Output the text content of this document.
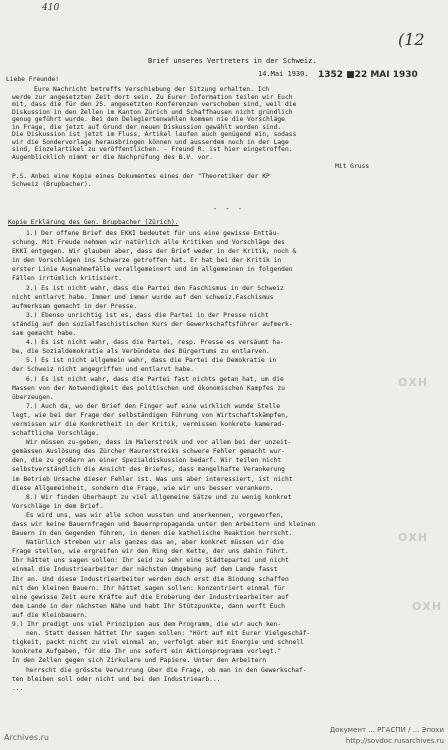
410
(12
Brief unseres Vertreters in der Schweiz.
14.Mai 1930. 1352 ■22 MAI 1930
Liebe Freunde!
Eure Nachricht betreffs Verschiebung der Sitzung erhalten. Ich
werde zur angesetzten Zeit dort sein. Zu Eurer Information teilen wir Euch
mit, dass die für den 25. angesetzten Konferenzen verschoben sind, weil die
Diskussion in den Zellen im Kanton Zürich und Schaffhausen nicht gründlich
genug geführt wurde. Bei den Delegiertenwahlen kommen nie die Vorschläge
in Frage, die jetzt auf Grund der neuen Diskussion gewählt worden sind.
Die Diskussion ist jetzt im Fluss, Artikel laufen auch genügend ein, sodass
wir die Sondervorlage herausbringen können und ausserdem noch in der Lage
sind, Einzelartikel zu veröffentlichen. - Freund R. ist hier eingetroffen.
Augenblicklich nimmt er die Nachprüfung des B.V. vor.
Mit Gruss
P.S. Anbei eine Kopie eines Dokumentes eines der "Theoretiker der KP
Schweiz (Brupbacher).
- - -
Kopie Erklärung des Gen. Brupbacher (Zürich).
1.) Der offene Brief des EKKI bedeutet für uns eine gewisse Enttäu-
schung. Mit Freude nehmen wir natürlich alle Kritiken und Vorschläge des
EKKI entgegen. Wir glauben aber, dass der Brief weder in der Kritik, noch &
in den Vorschlägen ins Schwarze getroffen hat. Er hat bei der Kritik in
erster Linie Ausnahmefälle verallgemeinert und im allgemeinen in folgenden
Fällen irrtümlich kritisiert.
2.) Es ist nicht wahr, dass die Partei den Faschismus in der Schweiz
nicht entlarvt habe. Immer und immer wurde auf den schweiz.Faschismus
aufmerksam gemacht in der Presse.
3.) Ebenso unrichtig ist es, dass die Partei in der Presse nicht
ständig auf den sozialfaschistischen Kurs der Gewerkschaftsführer aufmerk-
sam gemacht habe.
4.) Es ist nicht wahr, dass die Partei, resp. Presse es versäumt ha-
be, die Sozialdemokratie als Verbündete des Bürgertums zu entlarven.
5.) Es ist nicht allgemein wahr, dass die Partei die Demokratie in
der Schweiz nicht angegriffen und entlarvt habe.
6.) Es ist nicht wahr, dass die Partei fast nichts getan hat, um die
Massen von der Notwendigkeit des politischen und ökonomischen Kampfes zu
überzeugen.
7.) Auch da, wo der Brief den Finger auf eine wirklich wunde Stelle
legt, wie bei der Frage der selbständigen Führung von Wirtschaftskämpfen,
vermissen wir die Konkretheit in der Kritik, vermissen konkrete kamerad-
schaftliche Vorschläge.
Wir müssen zu-geben, dass im Malerstreik und vor allem bei der unzeit-
gemässen Auslösung des Zürcher Maurerstreiks schwere Fehler gemacht wur-
den, die zu großern an einer Spezialdiskussion bedarf. Wir teilen nicht
selbstverständlich die Ansicht des Briefes, dass mangelhafte Verankerung
im Betrieb Ursache dieser Fehler ist. Was uns aber interessiert, ist nicht
diese Allgemeinheit, sondern die Frage, wie wir uns besser verankern.
8.) Wir finden überhaupt zu viel allgemeine Sätze und zu wenig konkret
Vorschläge in dem Brief.
Es wird uns, was wir alle schon wussten und anerkennen, vorgeworfen,
dass wir keine Bauernfragen und Bauernpropaganda unter den Arbeitern und kleinen
Bauern in den Gegenden führen, in denen die katholische Reaktion herrscht.
Natürlich streben wir als ganzes das an, aber konkret müssen wir die
Frage stellen, wie ergreifen wir den Ring der Kette, der uns dahin führt.
Ihr hättet uns sagen sollen: Ihr seid zu sehr eine Städtepartei und nicht
einmal die Industriearbeiter der nächsten Umgebung auf dem Lande fasst
Ihr an. Und diese Industriearbeiter werden doch erst die Bindung schaffen
mit den kleinen Bauern. Ihr hättet sagen sollen: konzentriert einmal für
eine gewisse Zeit eure Kräfte auf die Eroberung der Industriearbeiter auf
dem Lande in der nächsten Nähe und habt Ihr Stützpunkte, dann werft Euch
auf die Kleinbauern.
9.) Ihr predigt uns viel Prinzipien aus dem Programm, die wir auch ken-
nen. Statt dessen hättet Ihr sagen sollen: "Hört auf mit Eurer Vielgeschäf-
tigkeit, packt nicht zu viel einmal an, verfolgt aber mit Energie und schnell
konkrete Aufgaben, für die Ihr uns sofort ein Aktionsprogramm vorlegt."
In den Zellen gegen sich Zirkulare und Papiere. Unter den Arbeitern
herrscht die grösste Verwirrung über die Frage, ob man in den Gewerkschaf-
ten bleiben soll oder nicht und bei den Industriearb...
...
ОХН
ОХН
ОХН
Archives.ru
Документ ... РГАСПИ / ... Эпохи
http://sovdoc.rusarchives.ru
